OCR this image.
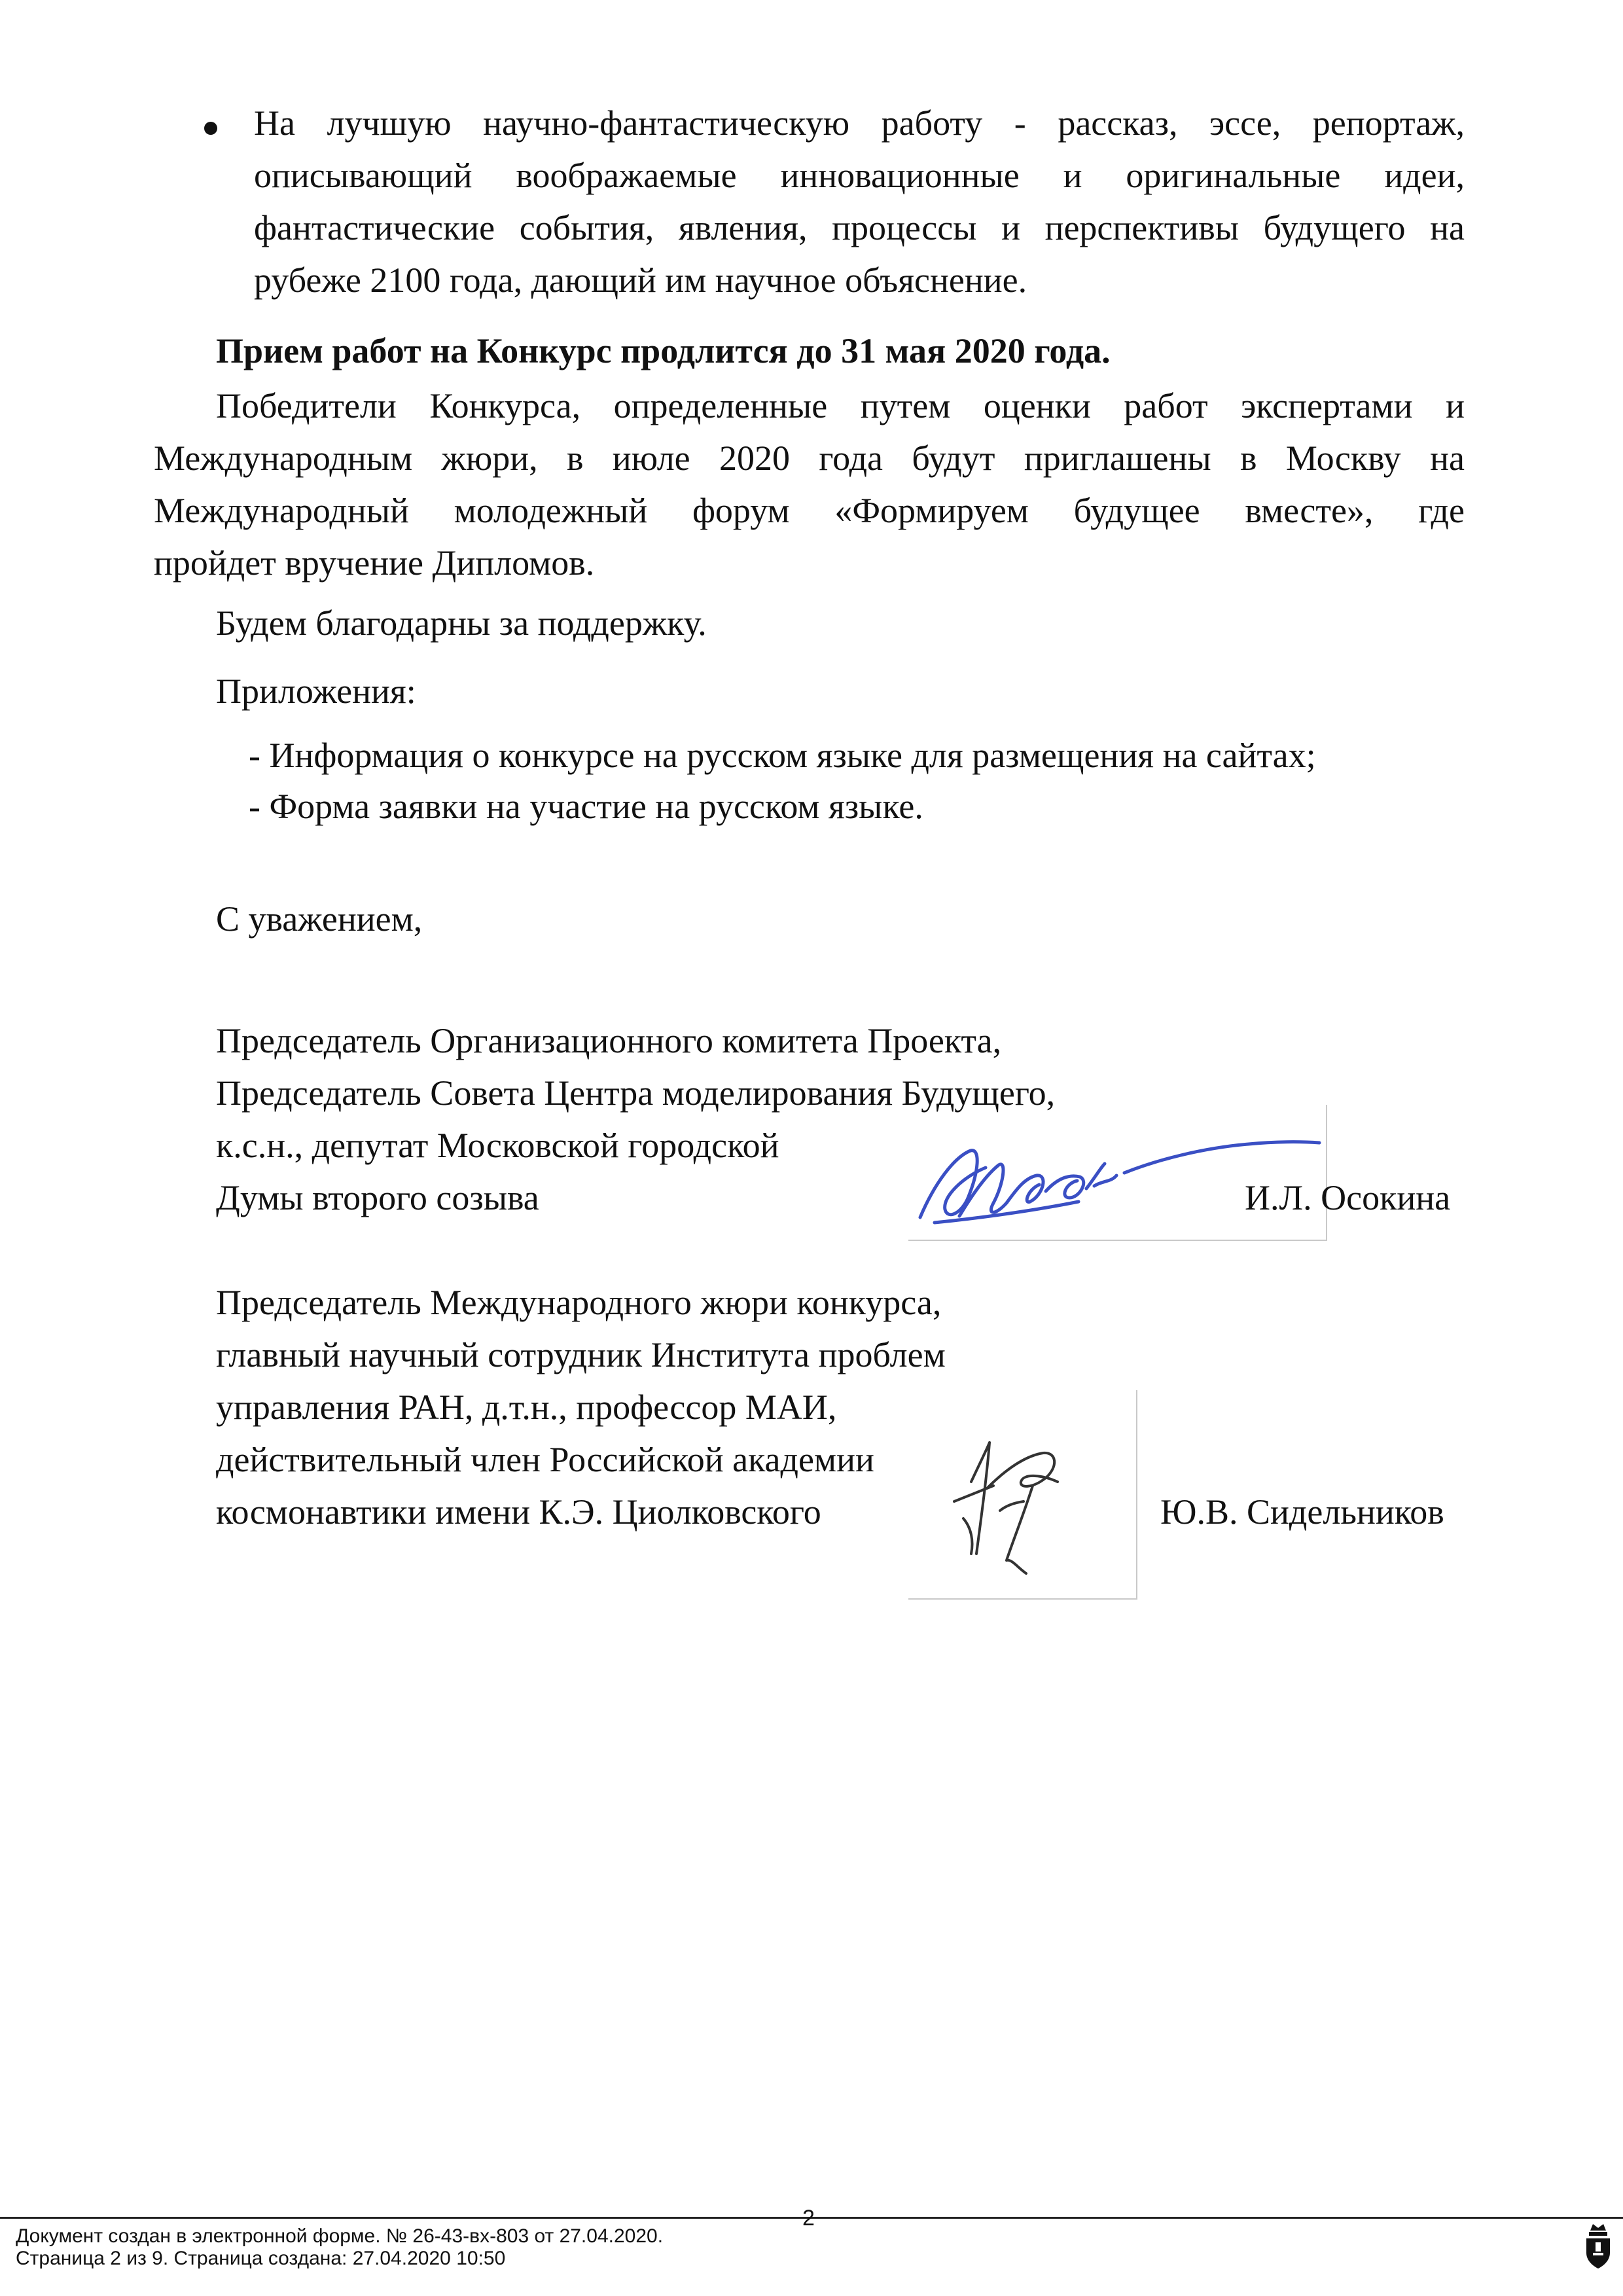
На лучшую научно-фантастическую работу - рассказ, эссе, репортаж,
описывающий воображаемые инновационные и оригинальные идеи,
фантастические события, явления, процессы и перспективы будущего на
рубеже 2100 года, дающий им научное объяснение.
Прием работ на Конкурс продлится до 31 мая 2020 года.
Победители Конкурса, определенные путем оценки работ экспертами и
Международным жюри, в июле 2020 года будут приглашены в Москву на
Международный молодежный форум «Формируем будущее вместе», где
пройдет вручение Дипломов.
Будем благодарны за поддержку.
Приложения:
- Информация о конкурсе на русском языке для размещения на сайтах;
- Форма заявки на участие на русском языке.
С уважением,
Председатель Организационного комитета Проекта,
Председатель Совета Центра моделирования Будущего,
к.с.н., депутат Московской городской
Думы второго созыва	И.Л. Осокина
Председатель Международного жюри конкурса,
главный научный сотрудник Института проблем
управления РАН, д.т.н., профессор МАИ,
действительный член Российской академии
космонавтики имени К.Э. Циолковского	Ю.В. Сидельников
2
Документ создан в электронной форме. № 26-43-вх-803 от 27.04.2020.
Страница 2 из 9. Страница создана: 27.04.2020 10:50
